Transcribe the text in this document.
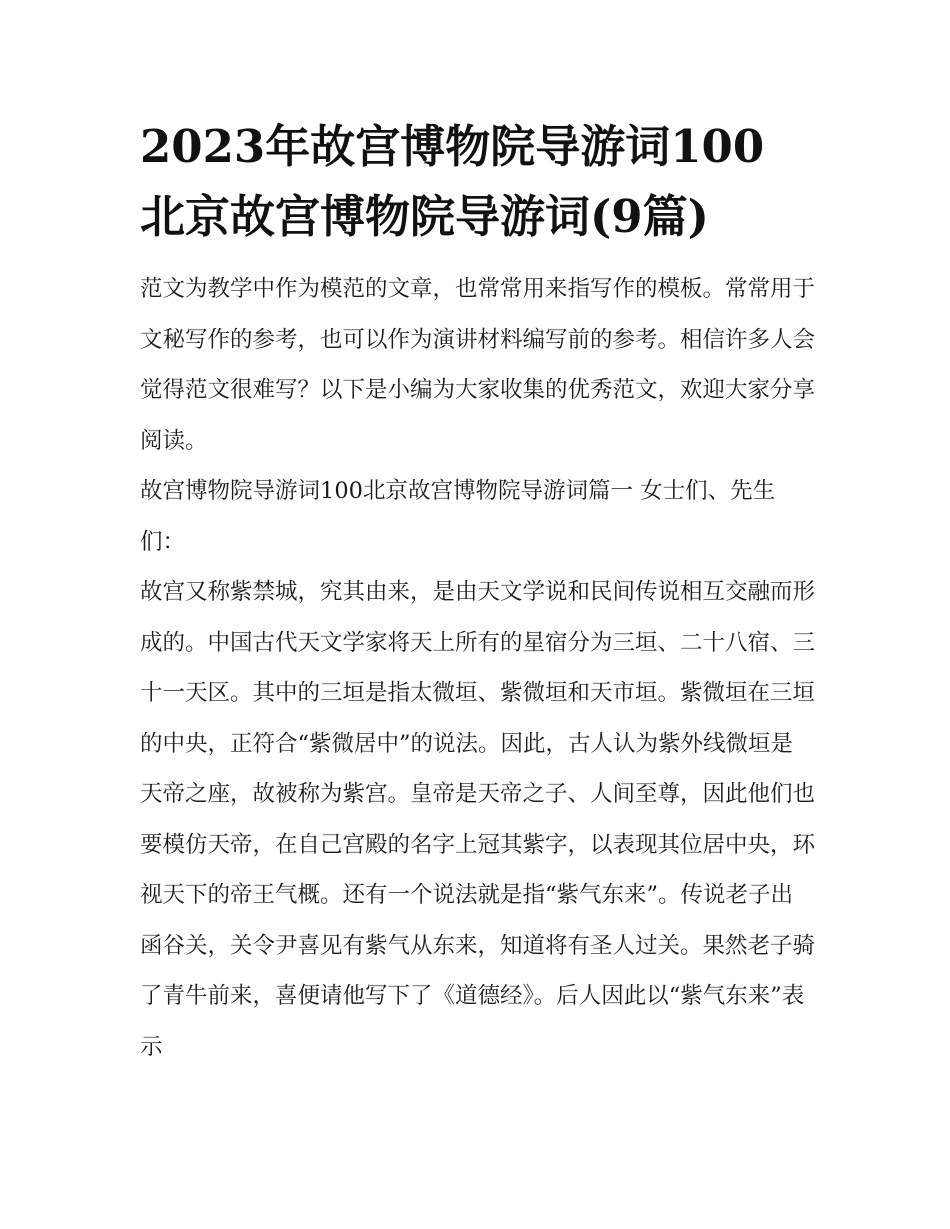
2023年故宫博物院导游词100
北京故宫博物院导游词(9篇)

范文为教学中作为模范的文章，也常常用来指写作的模板。常常用于文秘写作的参考，也可以作为演讲材料编写前的参考。相信许多人会觉得范文很难写？以下是小编为大家收集的优秀范文，欢迎大家分享阅读。

故宫博物院导游词100北京故宫博物院导游词篇一 女士们、先生们：

故宫又称紫禁城，究其由来，是由天文学说和民间传说相互交融而形成的。中国古代天文学家将天上所有的星宿分为三垣、二十八宿、三十一天区。其中的三垣是指太微垣、紫微垣和天市垣。紫微垣在三垣的中央，正符合“紫微居中”的说法。因此，古人认为紫外线微垣是天帝之座，故被称为紫宫。皇帝是天帝之子、人间至尊，因此他们也要模仿天帝，在自己宫殿的名字上冠其紫字，以表现其位居中央，环视天下的帝王气概。还有一个说法就是指“紫气东来”。传说老子出函谷关，关令尹喜见有紫气从东来，知道将有圣人过关。果然老子骑了青牛前来，喜便请他写下了《道德经》。后人因此以“紫气东来”表示
